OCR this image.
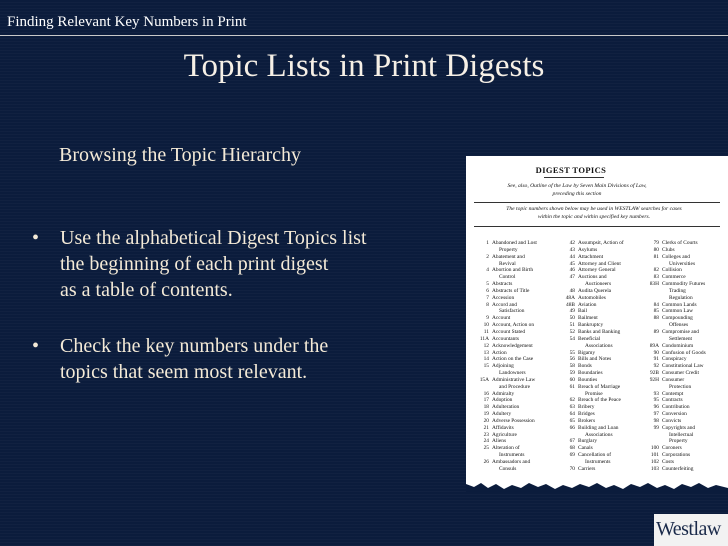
Finding Relevant Key Numbers in Print
Topic Lists in Print Digests
Browsing the Topic Hierarchy
• Use the alphabetical Digest Topics list
the beginning of each print digest
as a table of contents.
• Check the key numbers under the
topics that seem most relevant.
DIGEST TOPICS
See, also, Outline of the Law by Seven Main Divisions of Law,
preceding this section
The topic numbers shown below may be used in WESTLAW searches for cases
within the topic and within specified key numbers.
1 Abandoned and Lost
Property
2 Abatement and
Revival
4 Abortion and Birth
Control
5 Abstracts
6 Abstracts of Title
7 Accession
8 Accord and
Satisfaction
9 Account
10 Account, Action on
11 Account Stated
11A Accountants
12 Acknowledgement
13 Action
14 Action on the Case
15 Adjoining
Landowners
15A Administrative Law
and Procedure
16 Admiralty
17 Adoption
18 Adulteration
19 Adultery
20 Adverse Possession
21 Affidavits
23 Agriculture
24 Aliens
25 Alteration of
Instruments
26 Ambassadors and
Consuls
42 Assumpsit, Action of
43 Asylums
44 Attachment
45 Attorney and Client
46 Attorney General
47 Auctions and
Auctioneers
48 Audita Querela
48A Automobiles
48B Aviation
49 Bail
50 Bailment
51 Bankruptcy
52 Banks and Banking
54 Beneficial
Associations
55 Bigamy
56 Bills and Notes
58 Bonds
59 Boundaries
60 Bounties
61 Breach of Marriage
Promise
62 Breach of the Peace
63 Bribery
64 Bridges
65 Brokers
66 Building and Loan
Associations
67 Burglary
68 Canals
69 Cancellation of
Instruments
70 Carriers
79 Clerks of Courts
80 Clubs
81 Colleges and
Universities
82 Collision
83 Commerce
83H Commodity Futures
Trading
Regulation
84 Common Lands
85 Common Law
88 Compounding
Offenses
89 Compromise and
Settlement
89A Condominium
90 Confusion of Goods
91 Conspiracy
92 Constitutional Law
92B Consumer Credit
92H Consumer
Protection
93 Contempt
95 Contracts
96 Contribution
97 Conversion
98 Convicts
99 Copyrights and
Intellectual
Property
100 Coroners
101 Corporations
102 Costs
103 Counterfeiting
Westlaw
